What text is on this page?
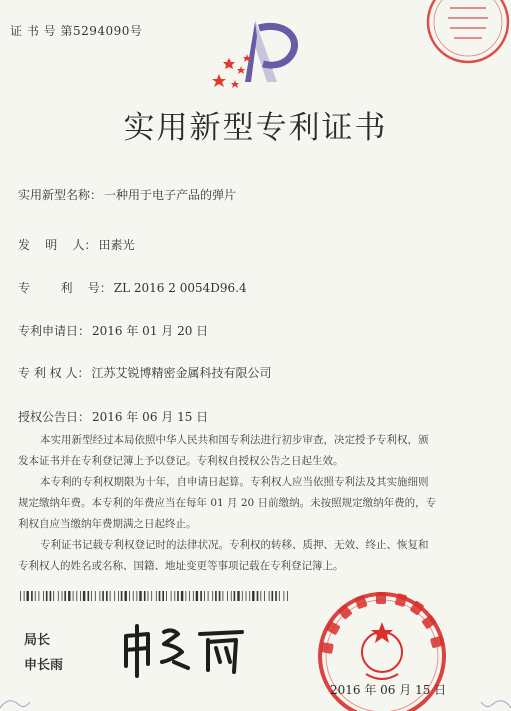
证 书 号 第5294090号
实用新型专利证书
实用新型名称： 一种用于电子产品的弹片
发    明    人： 田素光
专        利    号： ZL 2016 2 0054D96.4
专利申请日： 2016 年 01 月 20 日
专 利 权 人： 江苏艾锐博精密金属科技有限公司
授权公告日： 2016 年 06 月 15 日

本实用新型经过本局依照中华人民共和国专利法进行初步审查，决定授予专利权，颁
发本证书并在专利登记簿上予以登记。专利权自授权公告之日起生效。

本专利的专利权期限为十年，自申请日起算。专利权人应当依照专利法及其实施细则
规定缴纳年费。本专利的年费应当在每年 01 月 20 日前缴纳。未按照规定缴纳年费的，专
利权自应当缴纳年费期满之日起终止。

专利证书记载专利权登记时的法律状况。专利权的转移、质押、无效、终止、恢复和
专利权人的姓名或名称、国籍、地址变更等事项记载在专利登记簿上。

局长
申长雨
2016 年 06 月 15 日
